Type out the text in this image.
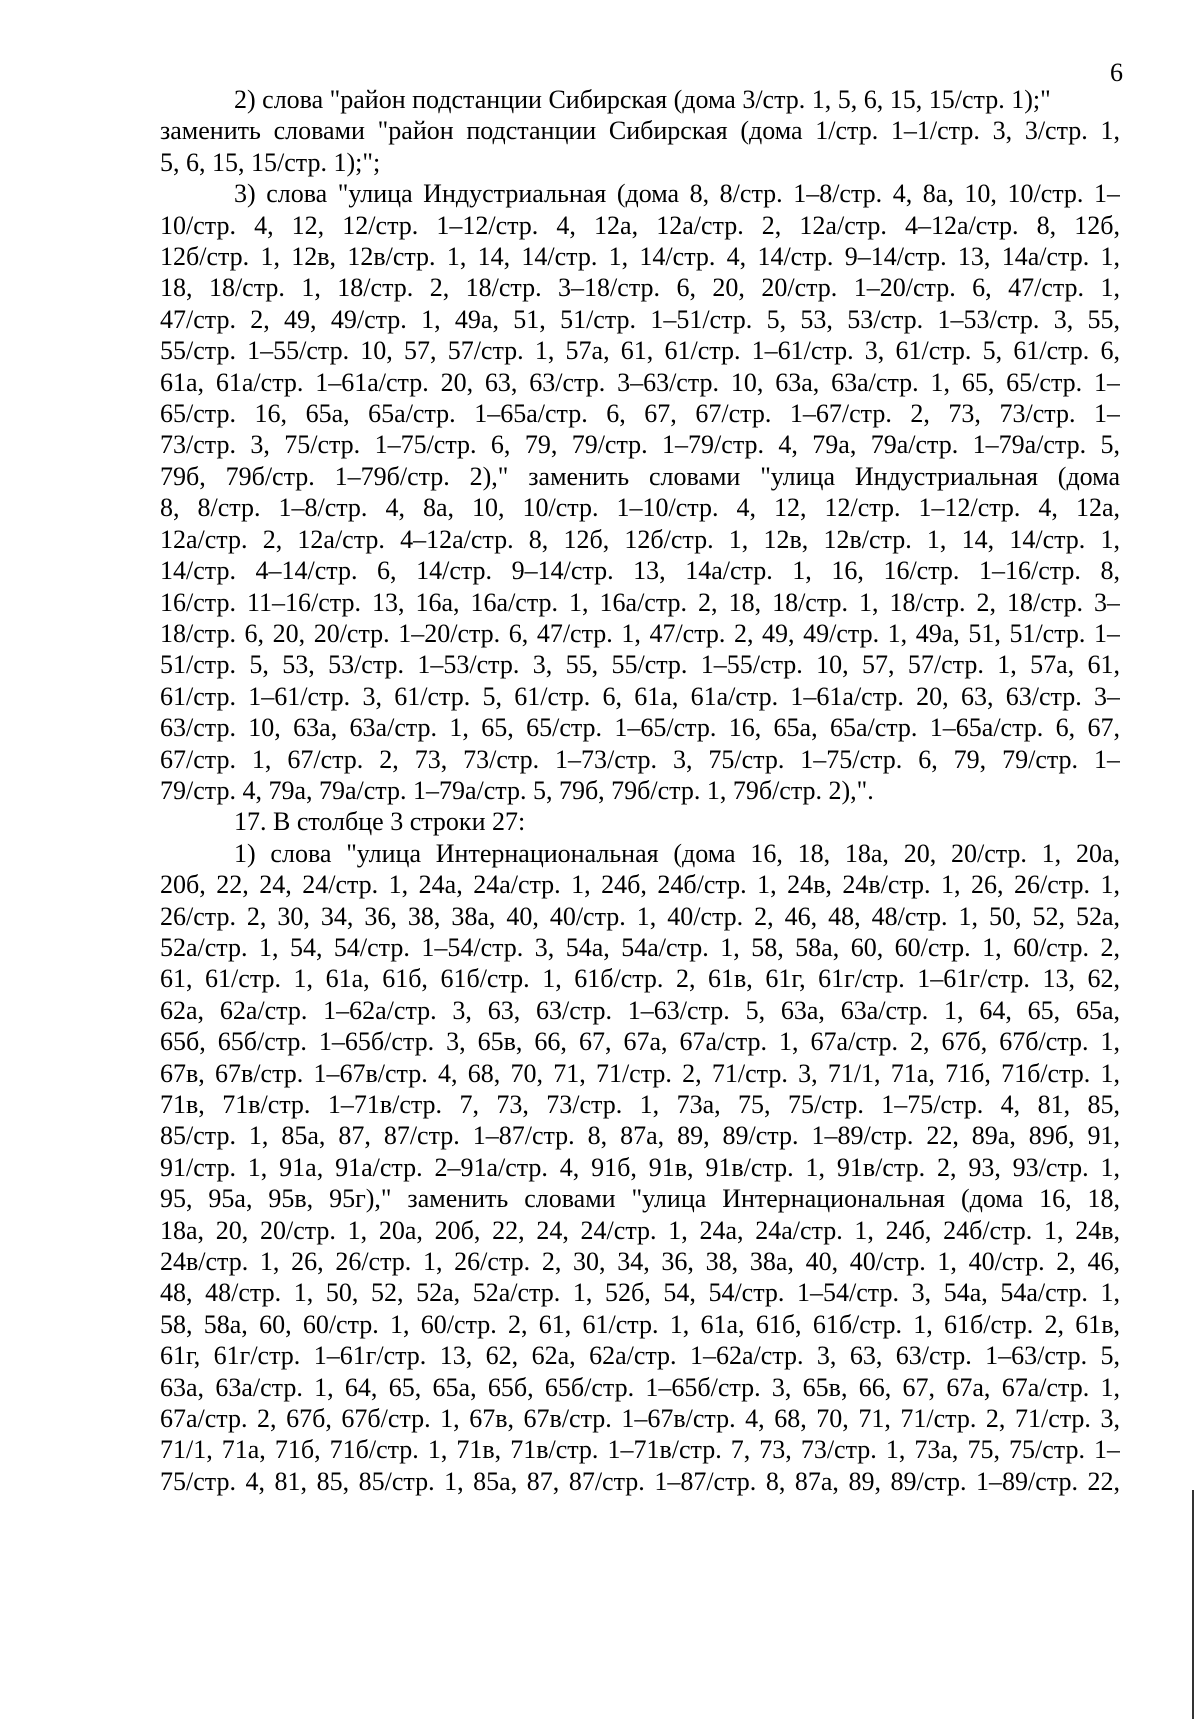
6
2) слова "район подстанции Сибирская (дома 3/стр. 1, 5, 6, 15, 15/стр. 1);"
заменить словами "район подстанции Сибирская (дома 1/стр. 1–1/стр. 3, 3/стр. 1,
5, 6, 15, 15/стр. 1);";
3) слова "улица Индустриальная (дома 8, 8/стр. 1–8/стр. 4, 8а, 10, 10/стр. 1–
10/стр. 4, 12, 12/стр. 1–12/стр. 4, 12а, 12а/стр. 2, 12а/стр. 4–12а/стр. 8, 12б,
12б/стр. 1, 12в, 12в/стр. 1, 14, 14/стр. 1, 14/стр. 4, 14/стр. 9–14/стр. 13, 14а/стр. 1,
18, 18/стр. 1, 18/стр. 2, 18/стр. 3–18/стр. 6, 20, 20/стр. 1–20/стр. 6, 47/стр. 1,
47/стр. 2, 49, 49/стр. 1, 49а, 51, 51/стр. 1–51/стр. 5, 53, 53/стр. 1–53/стр. 3, 55,
55/стр. 1–55/стр. 10, 57, 57/стр. 1, 57а, 61, 61/стр. 1–61/стр. 3, 61/стр. 5, 61/стр. 6,
61а, 61а/стр. 1–61а/стр. 20, 63, 63/стр. 3–63/стр. 10, 63а, 63а/стр. 1, 65, 65/стр. 1–
65/стр. 16, 65а, 65а/стр. 1–65а/стр. 6, 67, 67/стр. 1–67/стр. 2, 73, 73/стр. 1–
73/стр. 3, 75/стр. 1–75/стр. 6, 79, 79/стр. 1–79/стр. 4, 79а, 79а/стр. 1–79а/стр. 5,
79б, 79б/стр. 1–79б/стр. 2)," заменить словами "улица Индустриальная (дома
8, 8/стр. 1–8/стр. 4, 8а, 10, 10/стр. 1–10/стр. 4, 12, 12/стр. 1–12/стр. 4, 12а,
12а/стр. 2, 12а/стр. 4–12а/стр. 8, 12б, 12б/стр. 1, 12в, 12в/стр. 1, 14, 14/стр. 1,
14/стр. 4–14/стр. 6, 14/стр. 9–14/стр. 13, 14а/стр. 1, 16, 16/стр. 1–16/стр. 8,
16/стр. 11–16/стр. 13, 16а, 16а/стр. 1, 16а/стр. 2, 18, 18/стр. 1, 18/стр. 2, 18/стр. 3–
18/стр. 6, 20, 20/стр. 1–20/стр. 6, 47/стр. 1, 47/стр. 2, 49, 49/стр. 1, 49а, 51, 51/стр. 1–
51/стр. 5, 53, 53/стр. 1–53/стр. 3, 55, 55/стр. 1–55/стр. 10, 57, 57/стр. 1, 57а, 61,
61/стр. 1–61/стр. 3, 61/стр. 5, 61/стр. 6, 61а, 61а/стр. 1–61а/стр. 20, 63, 63/стр. 3–
63/стр. 10, 63а, 63а/стр. 1, 65, 65/стр. 1–65/стр. 16, 65а, 65а/стр. 1–65а/стр. 6, 67,
67/стр. 1, 67/стр. 2, 73, 73/стр. 1–73/стр. 3, 75/стр. 1–75/стр. 6, 79, 79/стр. 1–
79/стр. 4, 79а, 79а/стр. 1–79а/стр. 5, 79б, 79б/стр. 1, 79б/стр. 2),".
17. В столбце 3 строки 27:
1) слова "улица Интернациональная (дома 16, 18, 18а, 20, 20/стр. 1, 20а,
20б, 22, 24, 24/стр. 1, 24а, 24а/стр. 1, 24б, 24б/стр. 1, 24в, 24в/стр. 1, 26, 26/стр. 1,
26/стр. 2, 30, 34, 36, 38, 38а, 40, 40/стр. 1, 40/стр. 2, 46, 48, 48/стр. 1, 50, 52, 52а,
52а/стр. 1, 54, 54/стр. 1–54/стр. 3, 54а, 54а/стр. 1, 58, 58а, 60, 60/стр. 1, 60/стр. 2,
61, 61/стр. 1, 61а, 61б, 61б/стр. 1, 61б/стр. 2, 61в, 61г, 61г/стр. 1–61г/стр. 13, 62,
62а, 62а/стр. 1–62а/стр. 3, 63, 63/стр. 1–63/стр. 5, 63а, 63а/стр. 1, 64, 65, 65а,
65б, 65б/стр. 1–65б/стр. 3, 65в, 66, 67, 67а, 67а/стр. 1, 67а/стр. 2, 67б, 67б/стр. 1,
67в, 67в/стр. 1–67в/стр. 4, 68, 70, 71, 71/стр. 2, 71/стр. 3, 71/1, 71а, 71б, 71б/стр. 1,
71в, 71в/стр. 1–71в/стр. 7, 73, 73/стр. 1, 73а, 75, 75/стр. 1–75/стр. 4, 81, 85,
85/стр. 1, 85а, 87, 87/стр. 1–87/стр. 8, 87а, 89, 89/стр. 1–89/стр. 22, 89а, 89б, 91,
91/стр. 1, 91а, 91а/стр. 2–91а/стр. 4, 91б, 91в, 91в/стр. 1, 91в/стр. 2, 93, 93/стр. 1,
95, 95а, 95в, 95г)," заменить словами "улица Интернациональная (дома 16, 18,
18а, 20, 20/стр. 1, 20а, 20б, 22, 24, 24/стр. 1, 24а, 24а/стр. 1, 24б, 24б/стр. 1, 24в,
24в/стр. 1, 26, 26/стр. 1, 26/стр. 2, 30, 34, 36, 38, 38а, 40, 40/стр. 1, 40/стр. 2, 46,
48, 48/стр. 1, 50, 52, 52а, 52а/стр. 1, 52б, 54, 54/стр. 1–54/стр. 3, 54а, 54а/стр. 1,
58, 58а, 60, 60/стр. 1, 60/стр. 2, 61, 61/стр. 1, 61а, 61б, 61б/стр. 1, 61б/стр. 2, 61в,
61г, 61г/стр. 1–61г/стр. 13, 62, 62а, 62а/стр. 1–62а/стр. 3, 63, 63/стр. 1–63/стр. 5,
63а, 63а/стр. 1, 64, 65, 65а, 65б, 65б/стр. 1–65б/стр. 3, 65в, 66, 67, 67а, 67а/стр. 1,
67а/стр. 2, 67б, 67б/стр. 1, 67в, 67в/стр. 1–67в/стр. 4, 68, 70, 71, 71/стр. 2, 71/стр. 3,
71/1, 71а, 71б, 71б/стр. 1, 71в, 71в/стр. 1–71в/стр. 7, 73, 73/стр. 1, 73а, 75, 75/стр. 1–
75/стр. 4, 81, 85, 85/стр. 1, 85а, 87, 87/стр. 1–87/стр. 8, 87а, 89, 89/стр. 1–89/стр. 22,
